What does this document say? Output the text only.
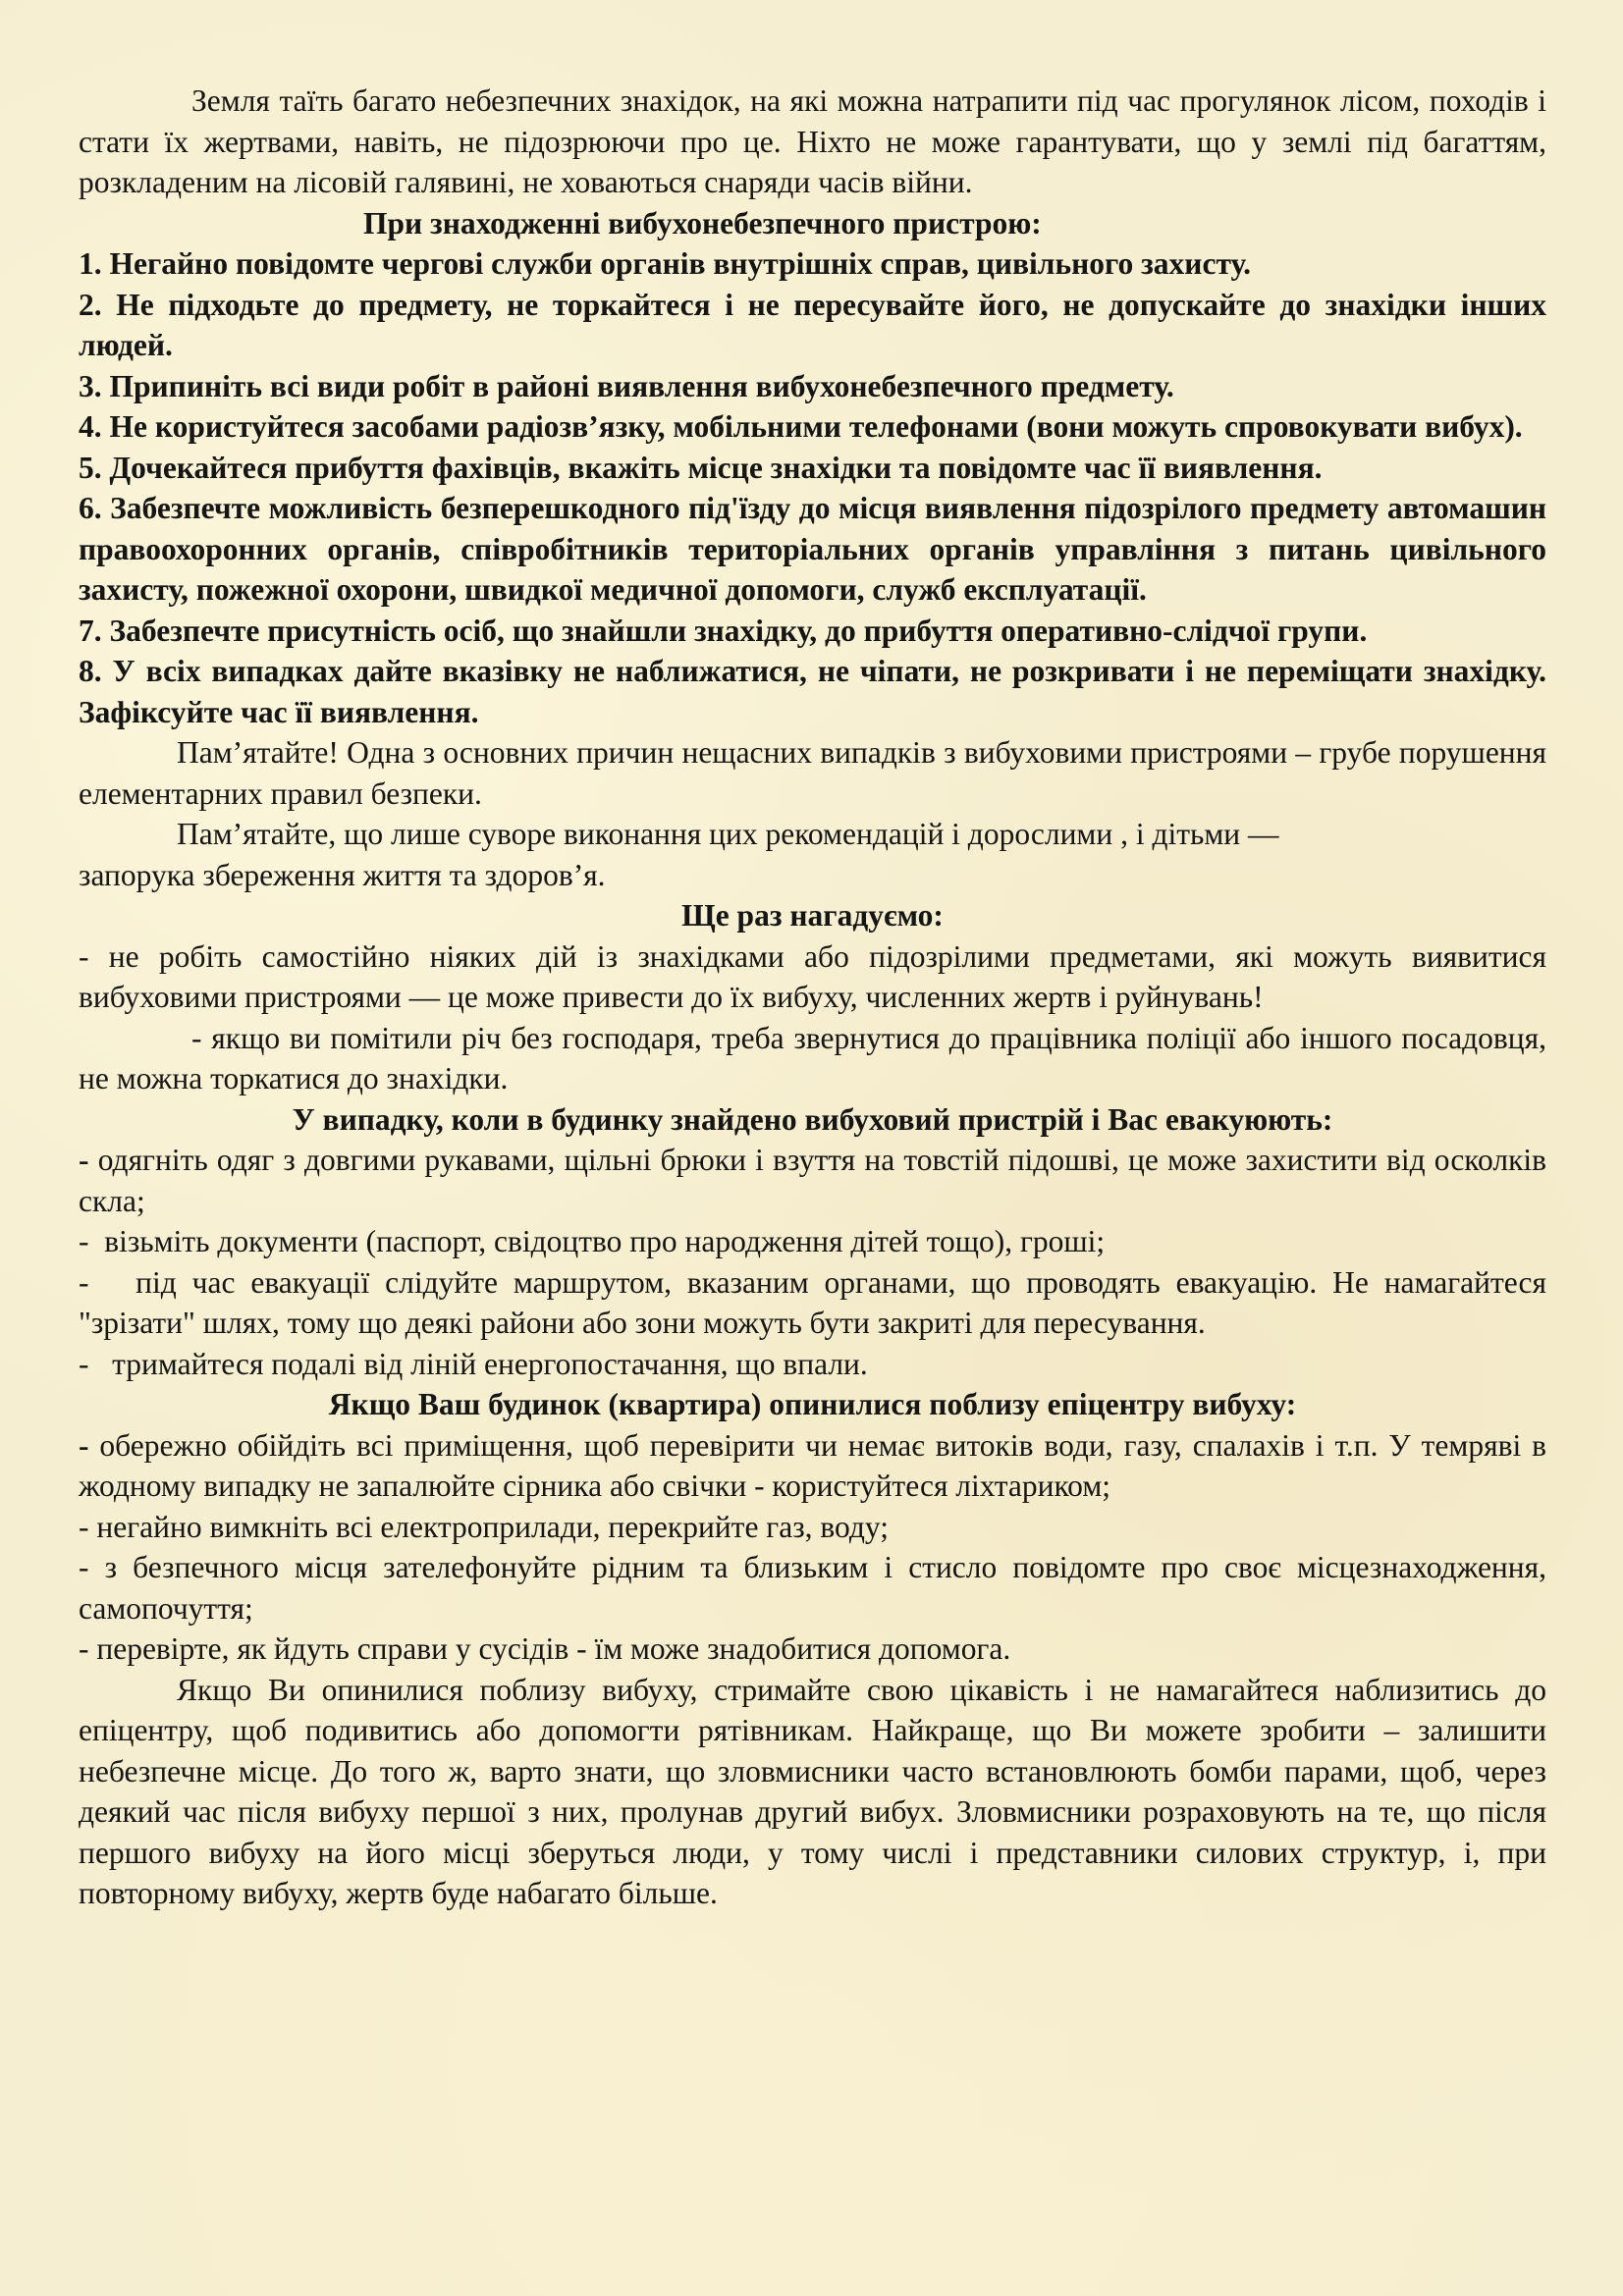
Земля таїть багато небезпечних знахідок, на які можна натрапити під час прогулянок лісом, походів і стати їх жертвами, навіть, не підозрюючи про це. Ніхто не може гарантувати, що у землі під багаттям, розкладеним на лісовій галявині, не ховаються снаряди часів війни.

При знаходженні вибухонебезпечного пристрою:

1. Негайно повідомте чергові служби органів внутрішніх справ, цивільного захисту.

2. Не підходьте до предмету, не торкайтеся і не пересувайте його, не допускайте до знахідки інших людей.

3. Припиніть всі види робіт в районі виявлення вибухонебезпечного предмету.

4. Не користуйтеся засобами радіозв’язку, мобільними телефонами (вони можуть спровокувати вибух).

5. Дочекайтеся прибуття фахівців, вкажіть місце знахідки та повідомте час її виявлення.

6. Забезпечте можливість безперешкодного під'їзду до місця виявлення підозрілого предмету автомашин правоохоронних органів, співробітників територіальних органів управління з питань цивільного захисту, пожежної охорони, швидкої медичної допомоги, служб експлуатації.

7. Забезпечте присутність осіб, що знайшли знахідку, до прибуття оперативно-слідчої групи.

8. У всіх випадках дайте вказівку не наближатися, не чіпати, не розкривати і не переміщати знахідку. Зафіксуйте час її виявлення.

Пам’ятайте! Одна з основних причин нещасних випадків з вибуховими пристроями – грубе порушення елементарних правил безпеки.

Пам’ятайте, що лише суворе виконання цих рекомендацій і дорослими , і дітьми —

запорука збереження життя та здоров’я.

Ще раз нагадуємо:

- не робіть самостійно ніяких дій із знахідками або підозрілими предметами, які можуть виявитися вибуховими пристроями — це може привести до їх вибуху, численних жертв і руйнувань!

- якщо ви помітили річ без господаря, треба звернутися до працівника поліції або іншого посадовця, не можна торкатися до знахідки.

У випадку, коли в будинку знайдено вибуховий пристрій і Вас евакуюють:

- одягніть одяг з довгими рукавами, щільні брюки і взуття на товстій підошві, це може захистити від осколків скла;

-  візьміть документи (паспорт, свідоцтво про народження дітей тощо), гроші;

-   під час евакуації слідуйте маршрутом, вказаним органами, що проводять евакуацію. Не намагайтеся "зрізати" шлях, тому що деякі райони або зони можуть бути закриті для пересування.

-   тримайтеся подалі від ліній енергопостачання, що впали.

Якщо Ваш будинок (квартира) опинилися поблизу епіцентру вибуху:

- обережно обійдіть всі приміщення, щоб перевірити чи немає витоків води, газу, спалахів і т.п. У темряві в жодному випадку не запалюйте сірника або свічки - користуйтеся ліхтариком;

- негайно вимкніть всі електроприлади, перекрийте газ, воду;

- з безпечного місця зателефонуйте рідним та близьким і стисло повідомте про своє місцезнаходження, самопочуття;

- перевірте, як йдуть справи у сусідів - їм може знадобитися допомога.

Якщо Ви опинилися поблизу вибуху, стримайте свою цікавість і не намагайтеся наблизитись до епіцентру, щоб подивитись або допомогти рятівникам. Найкраще, що Ви можете зробити – залишити небезпечне місце. До того ж, варто знати, що зловмисники часто встановлюють бомби парами, щоб, через деякий час після вибуху першої з них, пролунав другий вибух. Зловмисники розраховують на те, що після першого вибуху на його місці зберуться люди, у тому числі і представники силових структур, і, при повторному вибуху, жертв буде набагато більше.
